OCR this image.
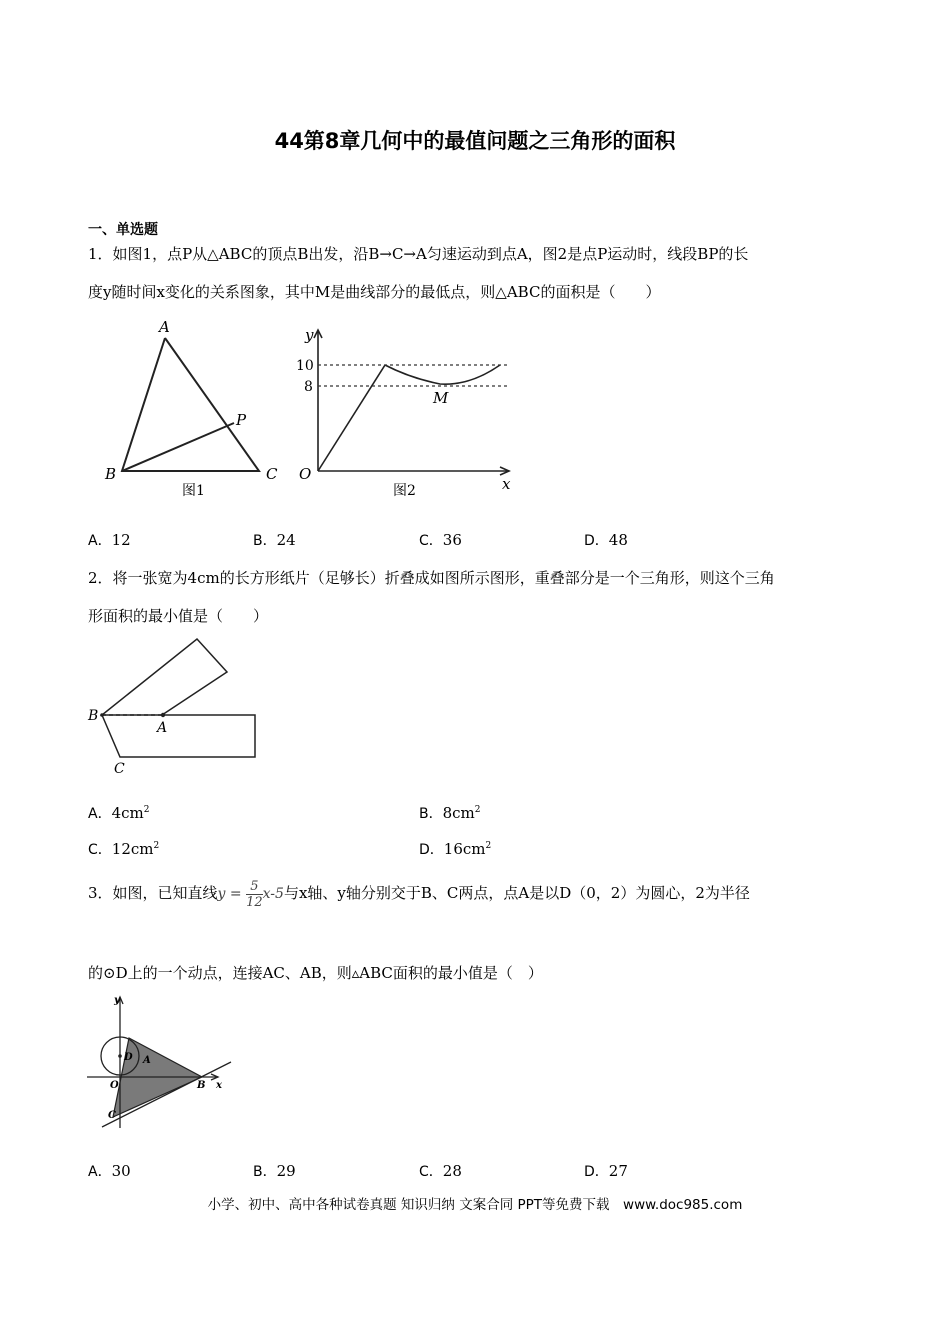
44第8章几何中的最值问题之三角形的面积
一、单选题
1．如图1，点P从△ABC的顶点B出发，沿B→C→A匀速运动到点A，图2是点P运动时，线段BP的长
度y随时间x变化的关系图象，其中M是曲线部分的最低点，则△ABC的面积是（　　）
A
B	C
P
图1
y
x
O
M
10
8
图2
A．12	B．24	C．36	D．48
2．将一张宽为4cm的长方形纸片（足够长）折叠成如图所示图形，重叠部分是一个三角形，则这个三角
形面积的最小值是（　　）
B
A
C
A．$4cm^2$	B．$8cm^2$
C．$12cm^2$	D．$16cm^2$
3．如图，已知直线$y = \frac{5}{12} x-5$与x轴、y轴分别交于B、C两点，点A是以D（0，2）为圆心，2为半径
的⊙D上的一个动点，连接AC、AB，则▵ABC面积的最小值是（　）
y
x
D A
O	B
C
A．30	B．29	C．28	D．27
小学、初中、高中各种试卷真题 知识归纳 文案合同 PPT等免费下载　www.doc985.com
